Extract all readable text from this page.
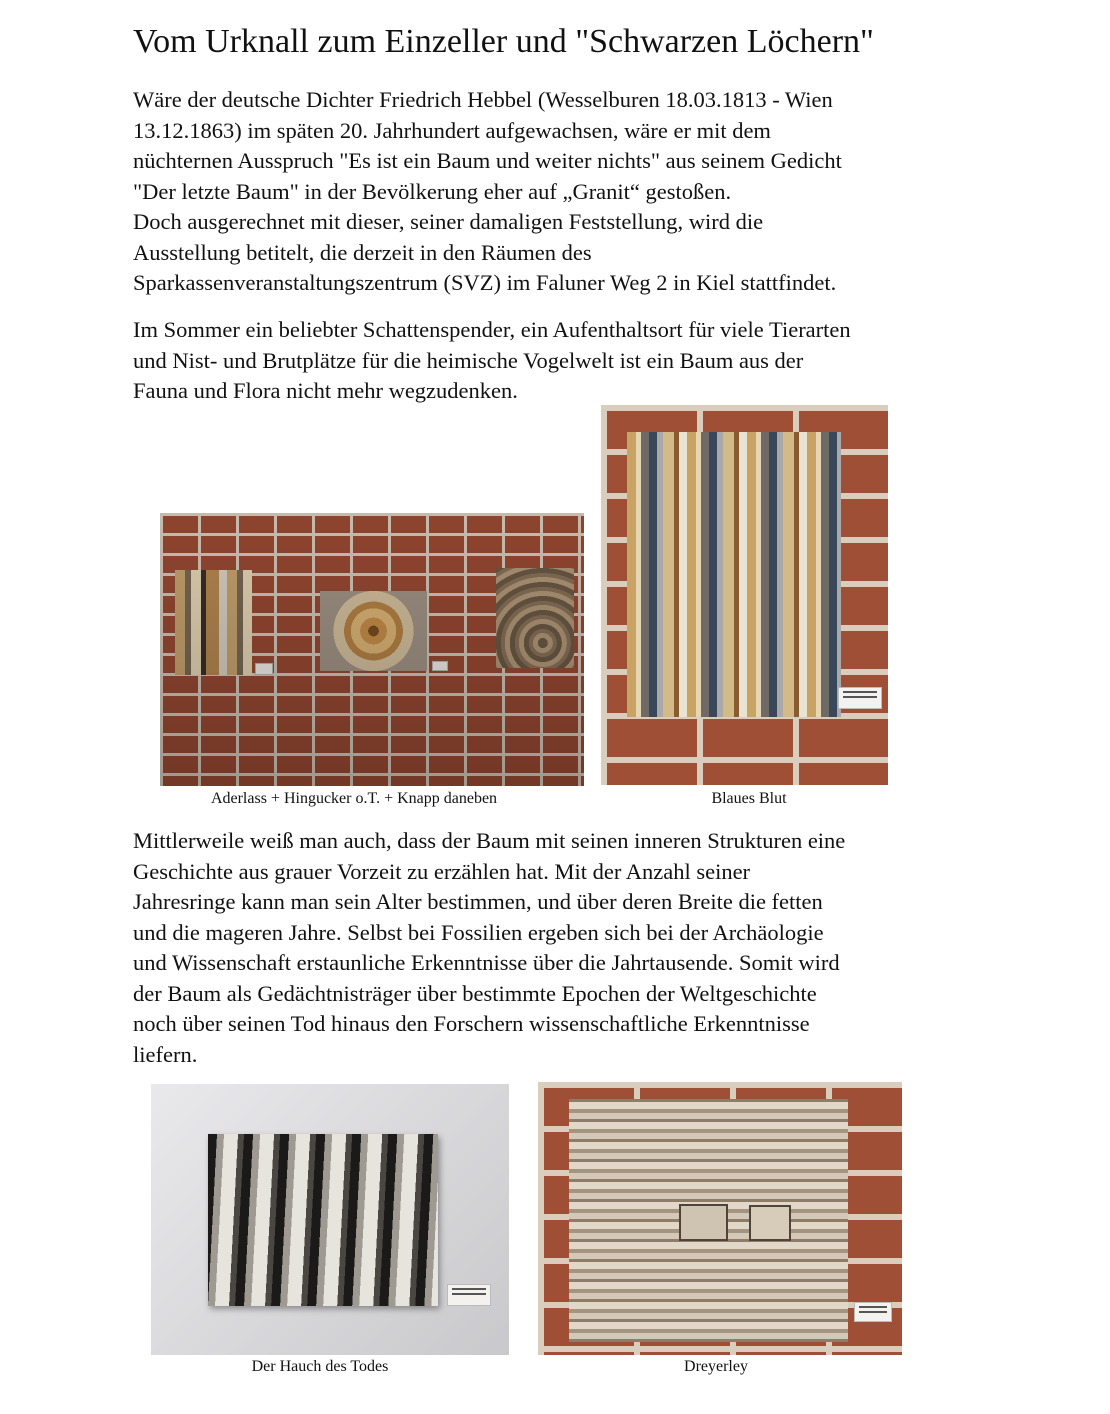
Vom Urknall zum Einzeller und "Schwarzen Löchern"

Wäre der deutsche Dichter Friedrich Hebbel (Wesselburen 18.03.1813 - Wien
13.12.1863) im späten 20. Jahrhundert aufgewachsen, wäre er mit dem
nüchternen Ausspruch "Es ist ein Baum und weiter nichts" aus seinem Gedicht
"Der letzte Baum" in der Bevölkerung eher auf „Granit“ gestoßen.
Doch ausgerechnet mit dieser, seiner damaligen Feststellung, wird die
Ausstellung betitelt, die derzeit in den Räumen des
Sparkassenveranstaltungszentrum (SVZ) im Faluner Weg 2 in Kiel stattfindet.

Im Sommer ein beliebter Schattenspender, ein Aufenthaltsort für viele Tierarten
und Nist- und Brutplätze für die heimische Vogelwelt ist ein Baum aus der
Fauna und Flora nicht mehr wegzudenken.

Aderlass + Hingucker o.T. + Knapp daneben	Blaues Blut

Mittlerweile weiß man auch, dass der Baum mit seinen inneren Strukturen eine
Geschichte aus grauer Vorzeit zu erzählen hat. Mit der Anzahl seiner
Jahresringe kann man sein Alter bestimmen, und über deren Breite die fetten
und die mageren Jahre. Selbst bei Fossilien ergeben sich bei der Archäologie
und Wissenschaft erstaunliche Erkenntnisse über die Jahrtausende. Somit wird
der Baum als Gedächtnisträger über bestimmte Epochen der Weltgeschichte
noch über seinen Tod hinaus den Forschern wissenschaftliche Erkenntnisse
liefern.

Der Hauch des Todes	Dreyerley
